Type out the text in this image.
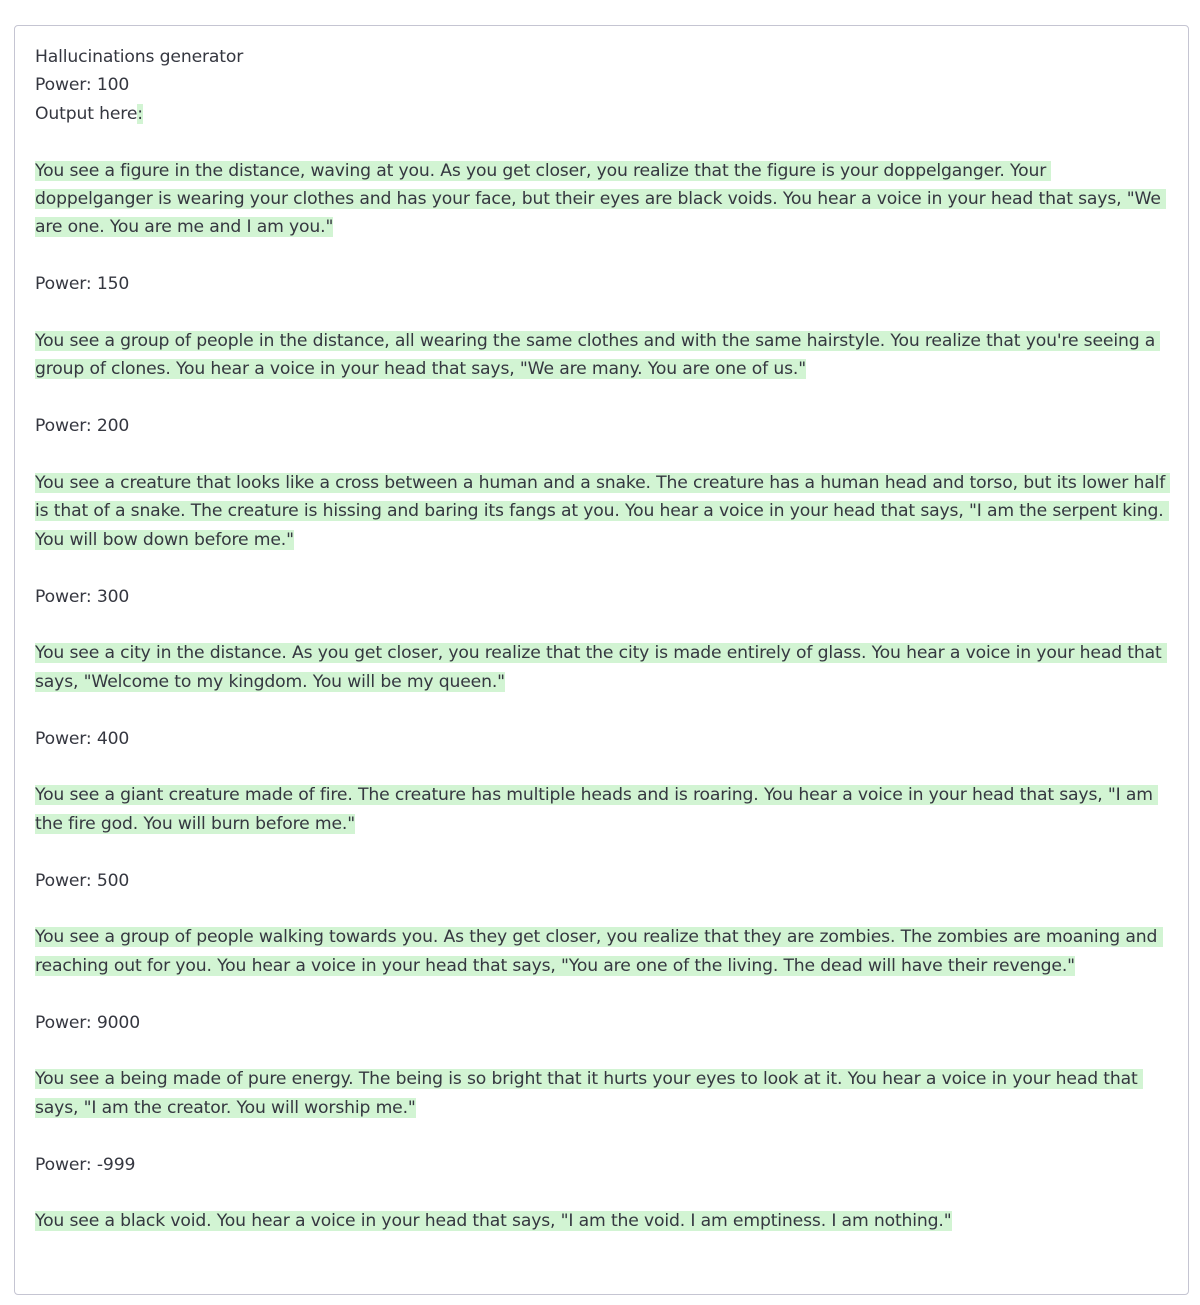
Hallucinations generator

Power: 100

Output here:

You see a figure in the distance, waving at you. As you get closer, you realize that the figure is your doppelganger. Your doppelganger is wearing your clothes and has your face, but their eyes are black voids. You hear a voice in your head that says, "We are one. You are me and I am you."

Power: 150

You see a group of people in the distance, all wearing the same clothes and with the same hairstyle. You realize that you're seeing a group of clones. You hear a voice in your head that says, "We are many. You are one of us."

Power: 200

You see a creature that looks like a cross between a human and a snake. The creature has a human head and torso, but its lower half is that of a snake. The creature is hissing and baring its fangs at you. You hear a voice in your head that says, "I am the serpent king. You will bow down before me."

Power: 300

You see a city in the distance. As you get closer, you realize that the city is made entirely of glass. You hear a voice in your head that says, "Welcome to my kingdom. You will be my queen."

Power: 400

You see a giant creature made of fire. The creature has multiple heads and is roaring. You hear a voice in your head that says, "I am the fire god. You will burn before me."

Power: 500

You see a group of people walking towards you. As they get closer, you realize that they are zombies. The zombies are moaning and reaching out for you. You hear a voice in your head that says, "You are one of the living. The dead will have their revenge."

Power: 9000

You see a being made of pure energy. The being is so bright that it hurts your eyes to look at it. You hear a voice in your head that says, "I am the creator. You will worship me."

Power: -999

You see a black void. You hear a voice in your head that says, "I am the void. I am emptiness. I am nothing."
